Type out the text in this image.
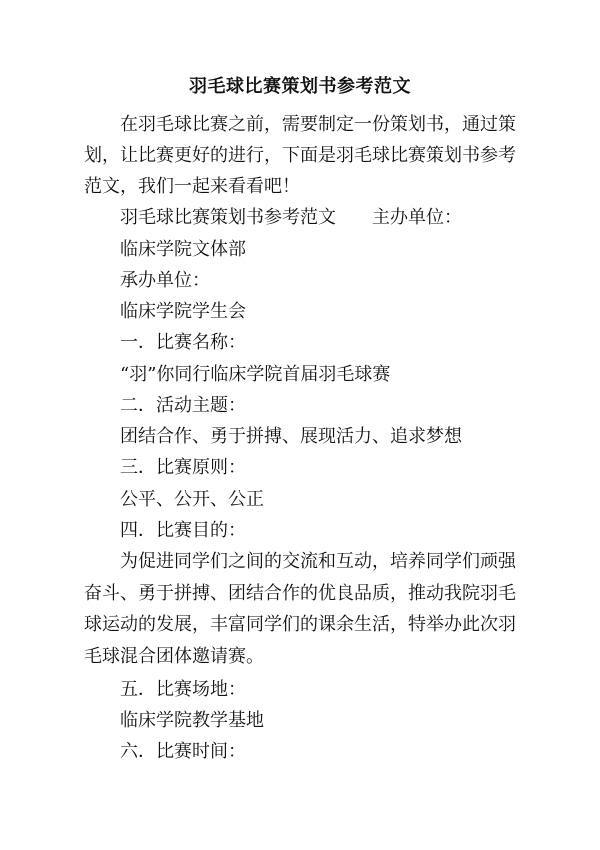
羽毛球比赛策划书参考范文

在羽毛球比赛之前，需要制定一份策划书，通过策划，让比赛更好的进行，下面是羽毛球比赛策划书参考范文，我们一起来看看吧！

羽毛球比赛策划书参考范文 主办单位：

临床学院文体部

承办单位：

临床学院学生会

一．比赛名称：

“羽”你同行临床学院首届羽毛球赛

二．活动主题：

团结合作、勇于拼搏、展现活力、追求梦想

三．比赛原则：

公平、公开、公正

四．比赛目的：

为促进同学们之间的交流和互动，培养同学们顽强奋斗、勇于拼搏、团结合作的优良品质，推动我院羽毛球运动的发展，丰富同学们的课余生活，特举办此次羽毛球混合团体邀请赛。

五．比赛场地：

临床学院教学基地

六．比赛时间：
